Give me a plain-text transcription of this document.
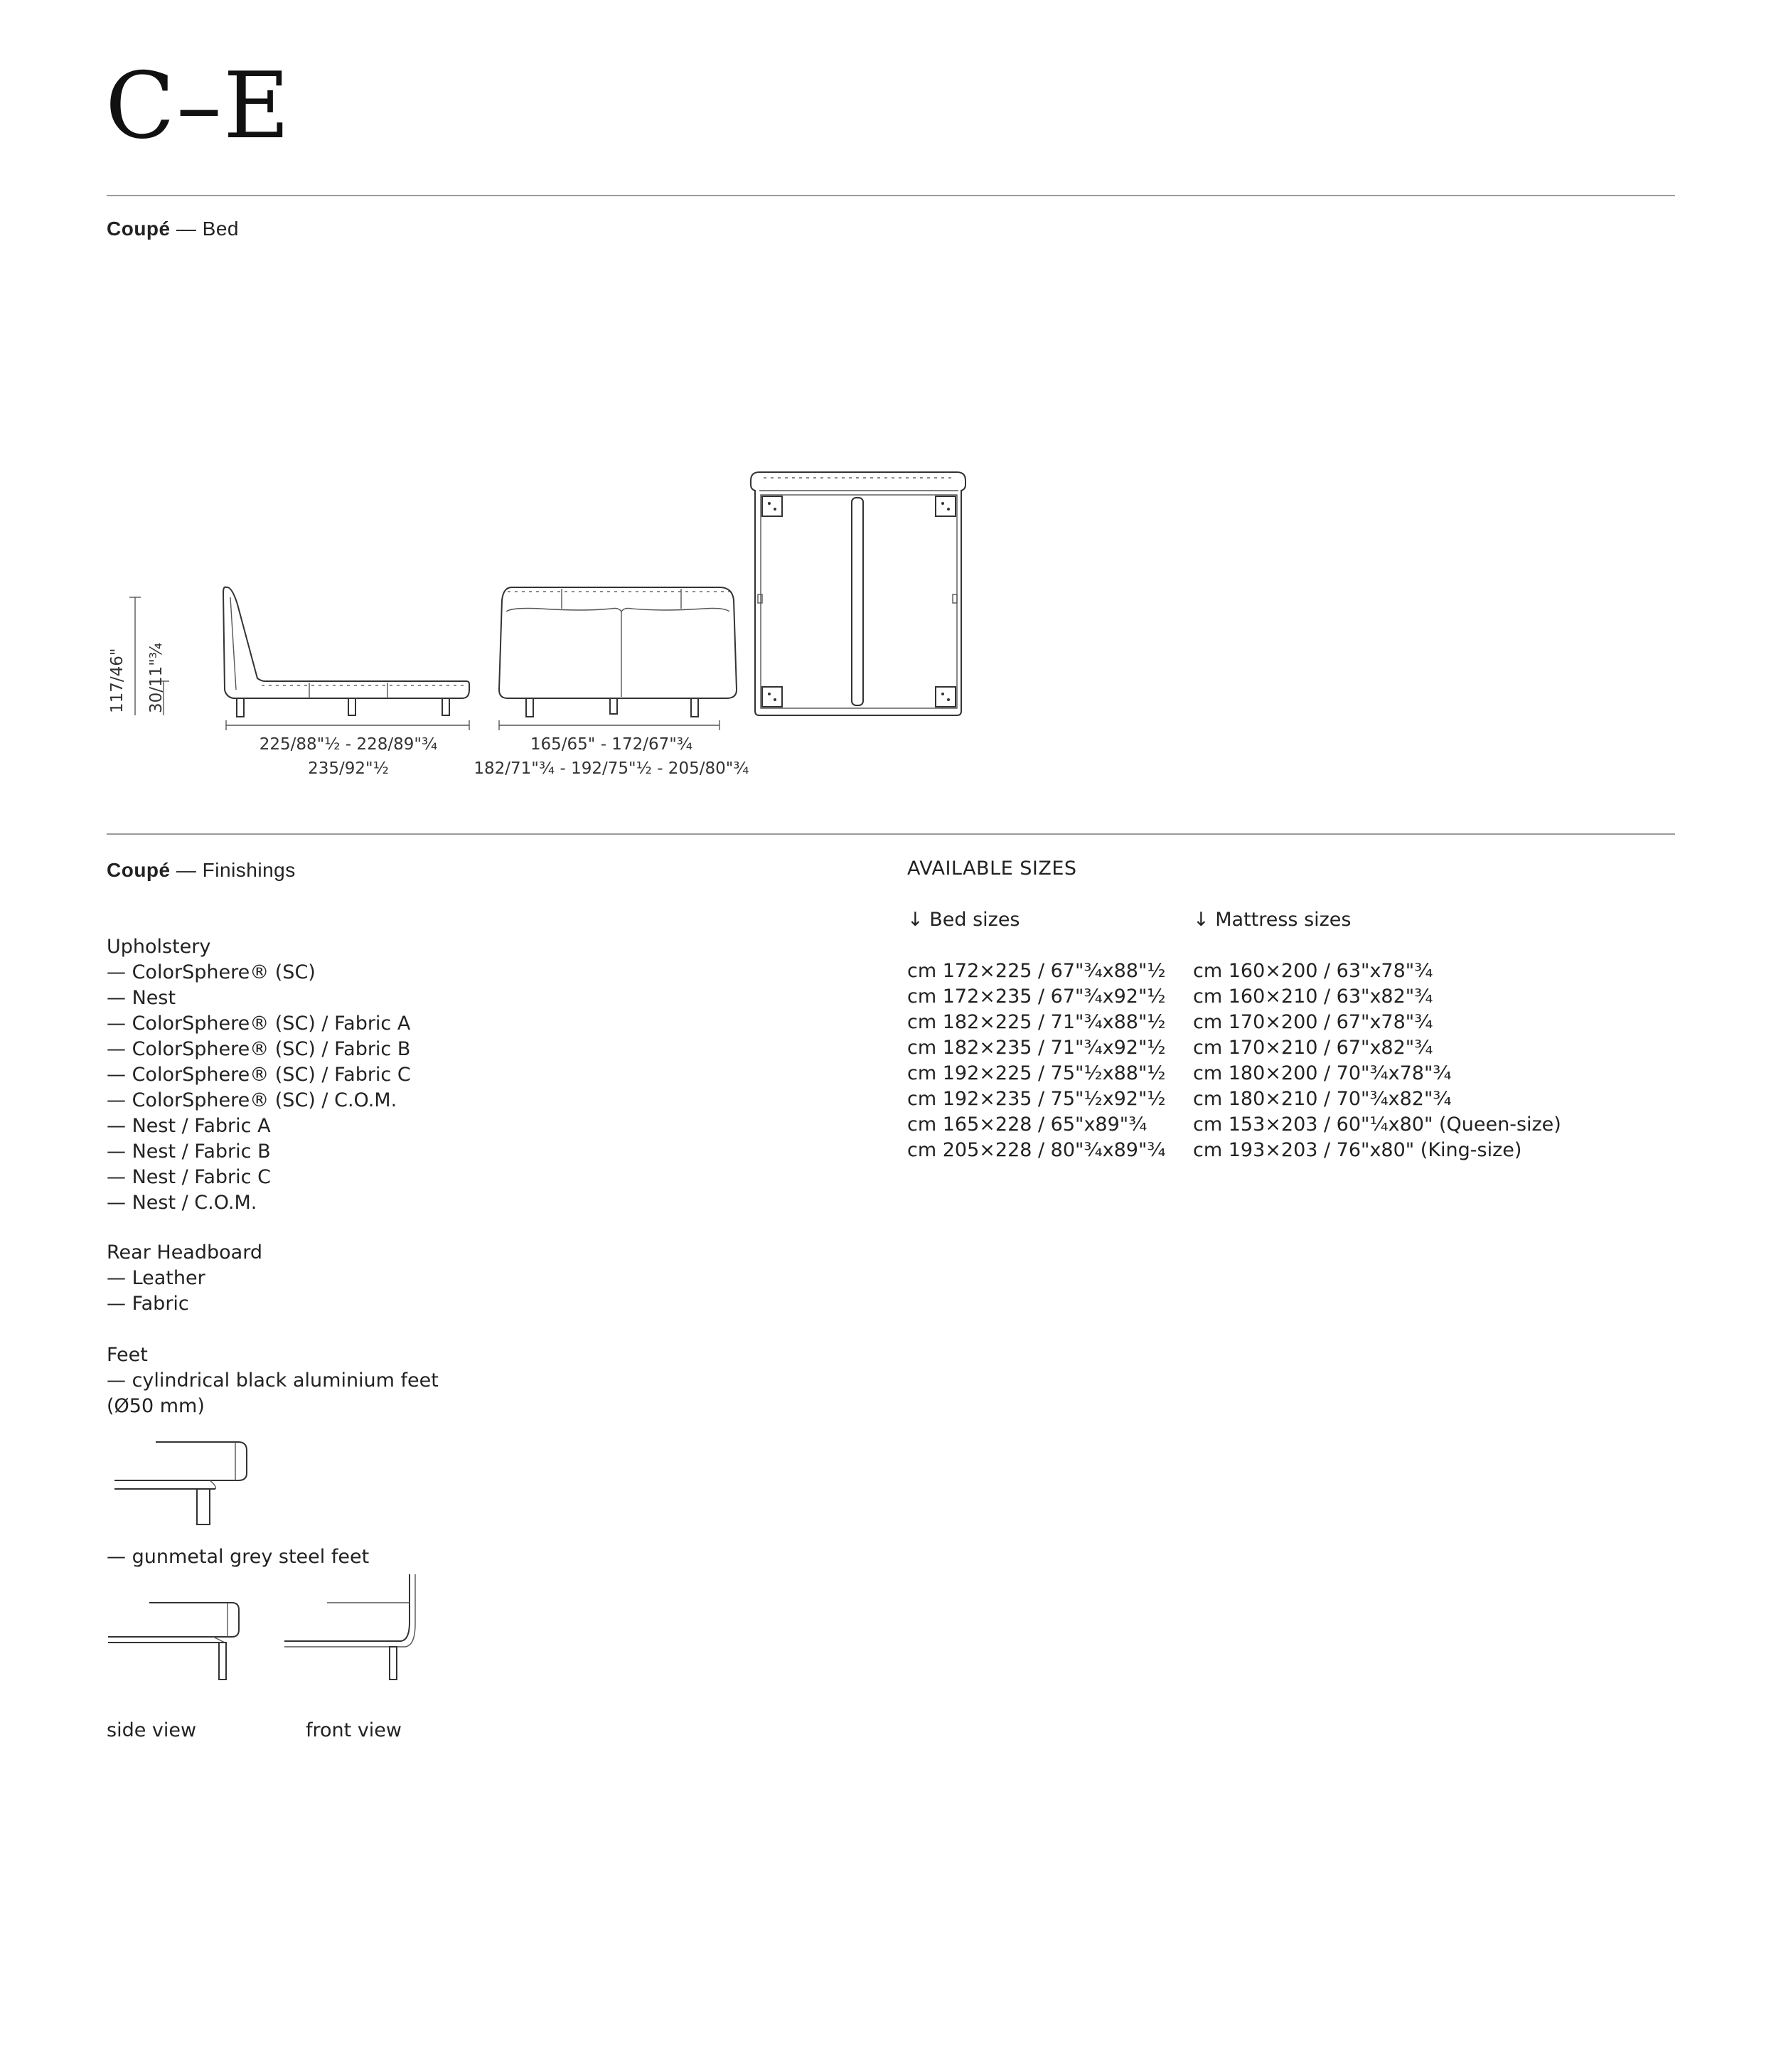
C–E
Coupé — Bed
117/46" 30/11"¾
225/88"½ - 228/89"¾
235/92"½
165/65" - 172/67"¾
182/71"¾ - 192/75"½ - 205/80"¾
Coupé — Finishings
Upholstery
— ColorSphere® (SC)
— Nest
— ColorSphere® (SC) / Fabric A
— ColorSphere® (SC) / Fabric B
— ColorSphere® (SC) / Fabric C
— ColorSphere® (SC) / C.O.M.
— Nest / Fabric A
— Nest / Fabric B
— Nest / Fabric C
— Nest / C.O.M.
Rear Headboard
— Leather
— Fabric
Feet
— cylindrical black aluminium feet
(Ø50 mm)
— gunmetal grey steel feet
side view	front view
AVAILABLE SIZES
↓ Bed sizes	↓ Mattress sizes
cm 172×225 / 67"¾x88"½
cm 172×235 / 67"¾x92"½
cm 182×225 / 71"¾x88"½
cm 182×235 / 71"¾x92"½
cm 192×225 / 75"½x88"½
cm 192×235 / 75"½x92"½
cm 165×228 / 65"x89"¾
cm 205×228 / 80"¾x89"¾
cm 160×200 / 63"x78"¾
cm 160×210 / 63"x82"¾
cm 170×200 / 67"x78"¾
cm 170×210 / 67"x82"¾
cm 180×200 / 70"¾x78"¾
cm 180×210 / 70"¾x82"¾
cm 153×203 / 60"¼x80" (Queen-size)
cm 193×203 / 76"x80" (King-size)
